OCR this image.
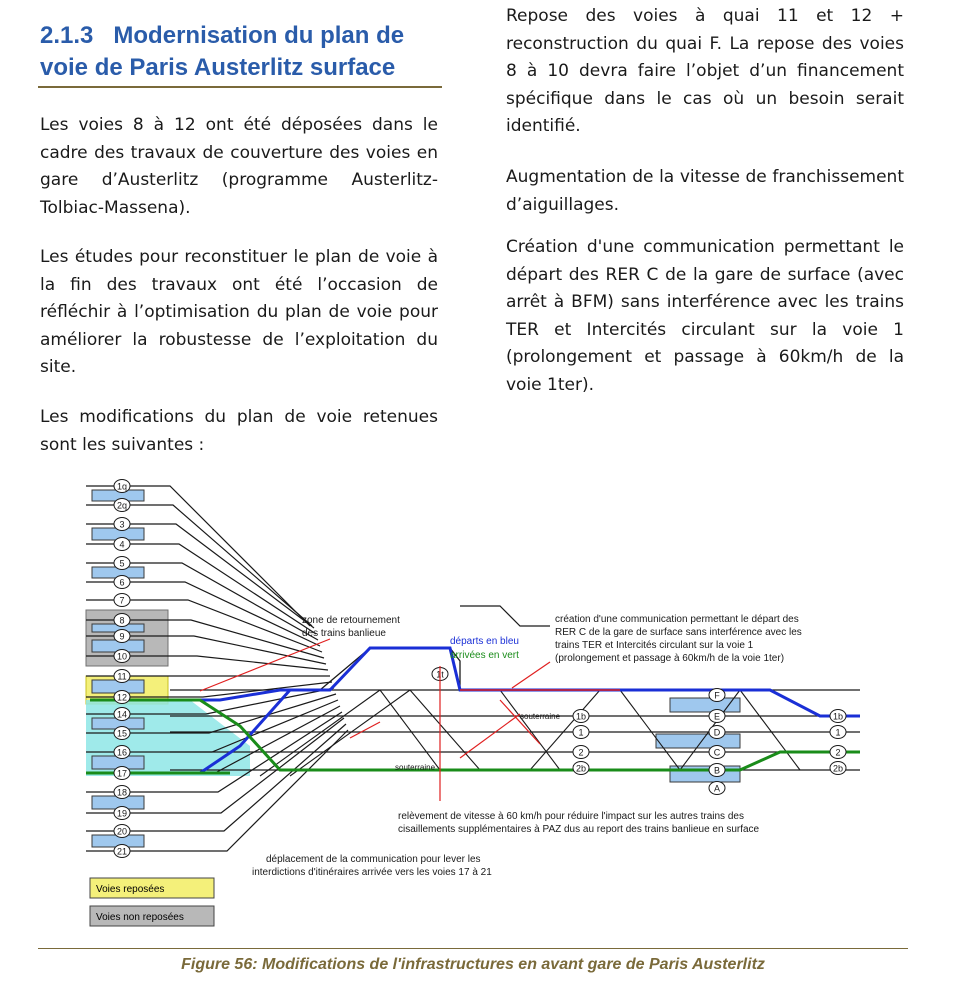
2.1.3 Modernisation du plan de voie de Paris Austerlitz surface

Les voies 8 à 12 ont été déposées dans le cadre des travaux de couverture des voies en gare d’Austerlitz (programme Austerlitz-Tolbiac-Massena).

Les études pour reconstituer le plan de voie à la fin des travaux ont été l’occasion de réfléchir à l’optimisation du plan de voie pour améliorer la robustesse de l’exploitation du site.

Les modifications du plan de voie retenues sont les suivantes :

Repose des voies à quai 11 et 12 + reconstruction du quai F. La repose des voies 8 à 10 devra faire l’objet d’un financement spécifique dans le cas où un besoin serait identifié.

Augmentation de la vitesse de franchissement d’aiguillages.

Création d'une communication permettant le départ des RER C de la gare de surface (avec arrêt à BFM) sans interférence avec les trains TER et Intercités circulant sur la voie 1 (prolongement et passage à 60km/h de la voie 1ter).

1q
2q
3
4
5
6
7
8
9
10
11
12
14
15
16
17
18
19
20
21
F
E
D
C
B
A
1b
1
2
2b
1t
1b
1
2
2b
zone de retournement
des trains banlieue
départs en bleu
arrivées en vert
création d'une communication permettant le départ des
RER C de la gare de surface sans interférence avec les
trains TER et Intercités circulant sur la voie 1
(prolongement et passage à 60km/h de la voie 1ter)
relèvement de vitesse à 60 km/h pour réduire l'impact sur les autres trains des
cisaillements supplémentaires à PAZ dus au report des trains banlieue en surface
déplacement de la communication pour lever les
interdictions d'itinéraires arrivée vers les voies 17 à 21
souterraine
souterraine
Voies reposées
Voies non reposées
Figure 56: Modifications de l'infrastructures en avant gare de Paris Austerlitz
